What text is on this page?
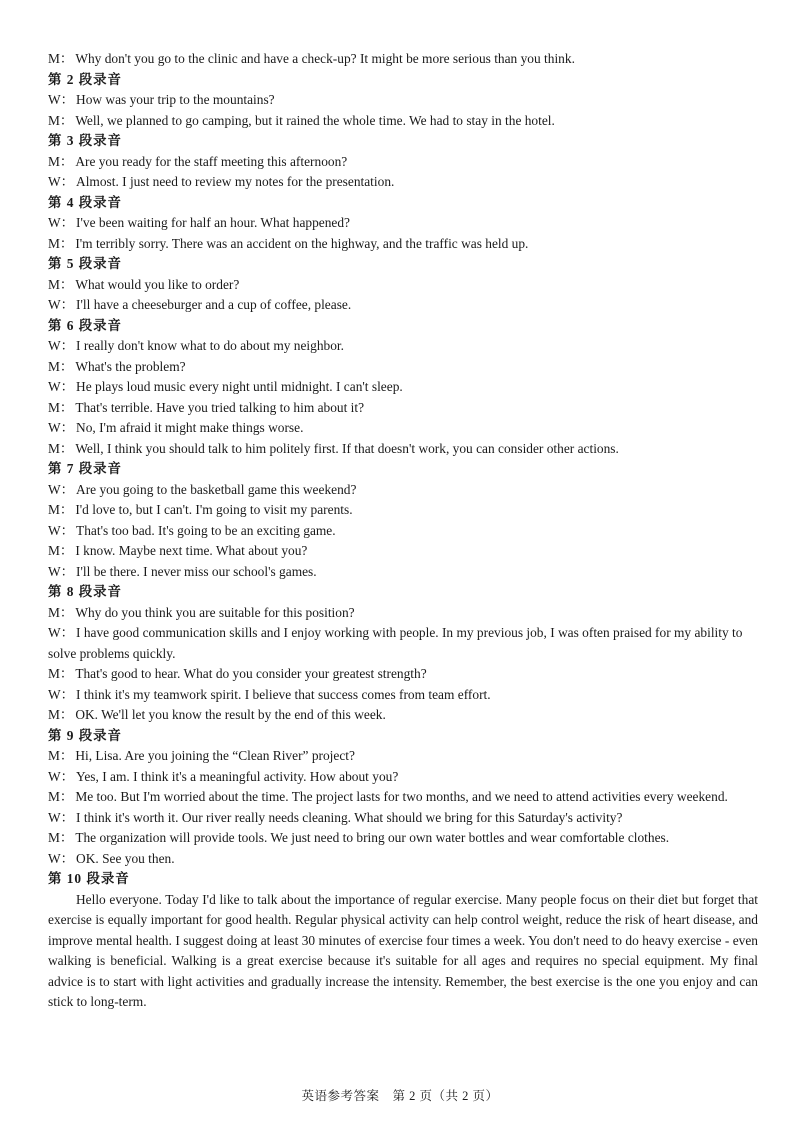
M： Why don't you go to the clinic and have a check-up? It might be more serious than you think.
第 2 段录音
W： How was your trip to the mountains?
M： Well, we planned to go camping, but it rained the whole time. We had to stay in the hotel.
第 3 段录音
M： Are you ready for the staff meeting this afternoon?
W： Almost. I just need to review my notes for the presentation.
第 4 段录音
W： I've been waiting for half an hour. What happened?
M： I'm terribly sorry. There was an accident on the highway, and the traffic was held up.
第 5 段录音
M： What would you like to order?
W： I'll have a cheeseburger and a cup of coffee, please.
第 6 段录音
W： I really don't know what to do about my neighbor.
M： What's the problem?
W： He plays loud music every night until midnight. I can't sleep.
M： That's terrible. Have you tried talking to him about it?
W： No, I'm afraid it might make things worse.
M： Well, I think you should talk to him politely first. If that doesn't work, you can consider other actions.
第 7 段录音
W： Are you going to the basketball game this weekend?
M： I'd love to, but I can't. I'm going to visit my parents.
W： That's too bad. It's going to be an exciting game.
M： I know. Maybe next time. What about you?
W： I'll be there. I never miss our school's games.
第 8 段录音
M： Why do you think you are suitable for this position?
W： I have good communication skills and I enjoy working with people. In my previous job, I was often praised for my ability to solve problems quickly.
M： That's good to hear. What do you consider your greatest strength?
W： I think it's my teamwork spirit. I believe that success comes from team effort.
M： OK. We'll let you know the result by the end of this week.
第 9 段录音
M： Hi, Lisa. Are you joining the “Clean River” project?
W： Yes, I am. I think it's a meaningful activity. How about you?
M： Me too. But I'm worried about the time. The project lasts for two months, and we need to attend activities every weekend.
W： I think it's worth it. Our river really needs cleaning. What should we bring for this Saturday's activity?
M： The organization will provide tools. We just need to bring our own water bottles and wear comfortable clothes.
W： OK. See you then.
第 10 段录音
Hello everyone. Today I'd like to talk about the importance of regular exercise. Many people focus on their diet but forget that exercise is equally important for good health. Regular physical activity can help control weight, reduce the risk of heart disease, and improve mental health. I suggest doing at least 30 minutes of exercise four times a week. You don't need to do heavy exercise - even walking is beneficial. Walking is a great exercise because it's suitable for all ages and requires no special equipment. My final advice is to start with light activities and gradually increase the intensity. Remember, the best exercise is the one you enjoy and can stick to long-term.
英语参考答案　第 2 页（共 2 页）
